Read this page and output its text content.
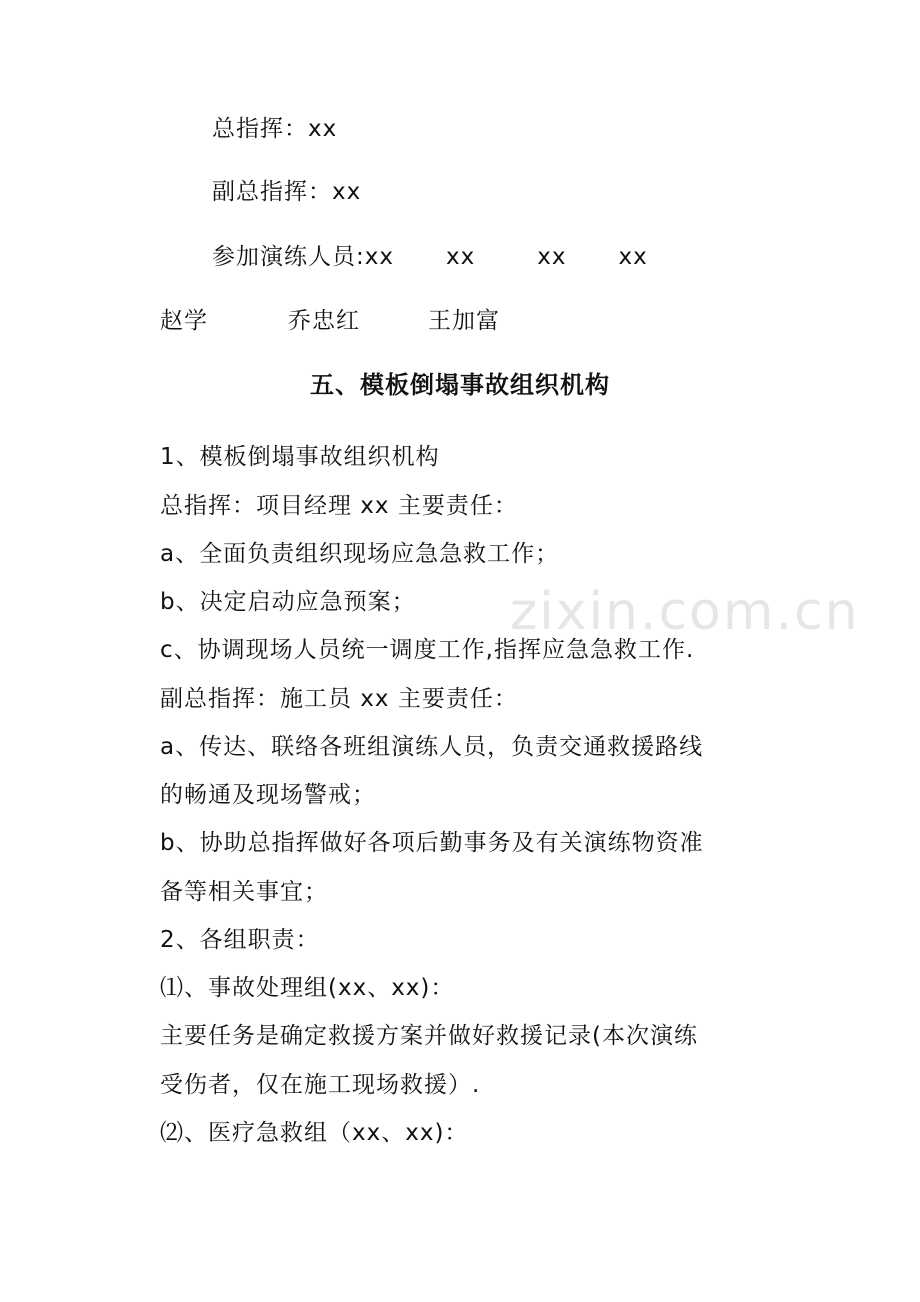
总指挥：xx
副总指挥：xx
参加演练人员:xx xx	xx xx
赵学	乔忠红	王加富
五、模板倒塌事故组织机构
1、模板倒塌事故组织机构
总指挥：项目经理 xx 主要责任：
a、全面负责组织现场应急急救工作；
b、决定启动应急预案；
c、协调现场人员统一调度工作,指挥应急急救工作.
副总指挥：施工员 xx 主要责任：
a、传达、联络各班组演练人员，负责交通救援路线
的畅通及现场警戒；
b、协助总指挥做好各项后勤事务及有关演练物资准
备等相关事宜；
2、各组职责：
⑴、事故处理组(xx、xx)：
主要任务是确定救援方案并做好救援记录(本次演练
受伤者，仅在施工现场救援）.
⑵、医疗急救组（xx、xx)：
zixin.com.cn
